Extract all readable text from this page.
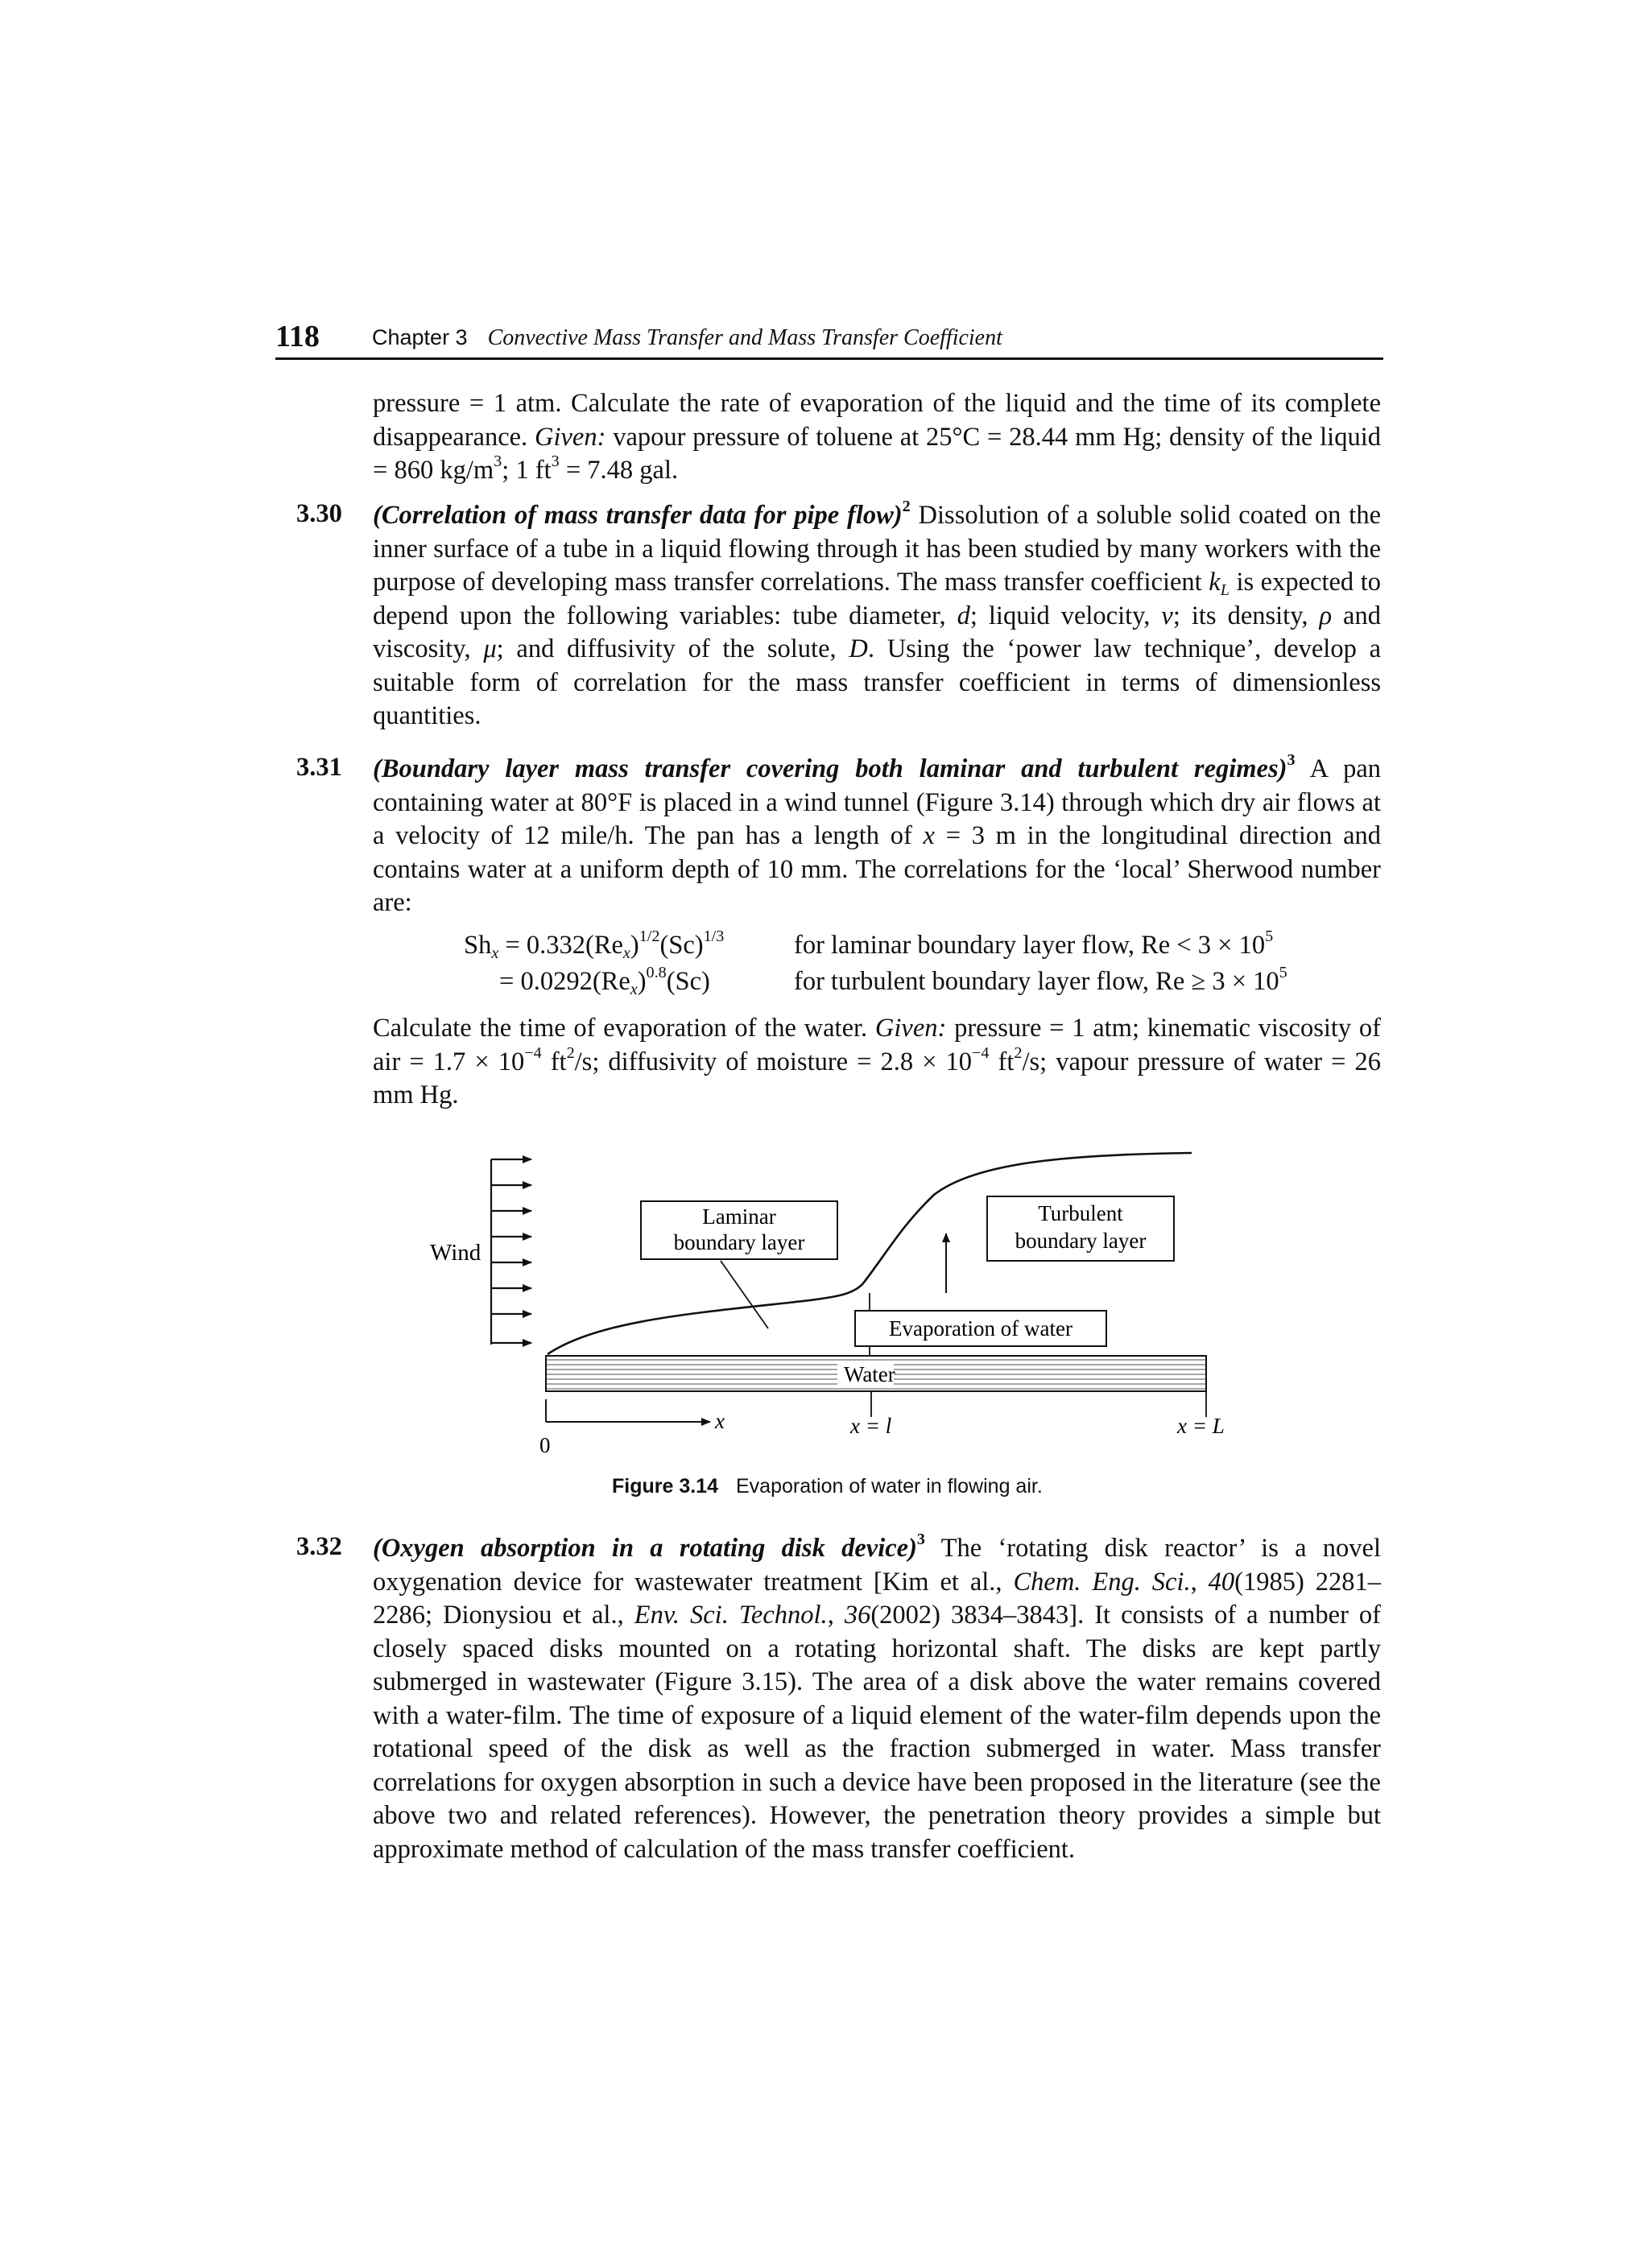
118 Chapter 3 Convective Mass Transfer and Mass Transfer Coefficient
pressure = 1 atm. Calculate the rate of evaporation of the liquid and the time of its complete disappearance. Given: vapour pressure of toluene at 25°C = 28.44 mm Hg; density of the liquid = 860 $kg/m^3$; 1 $ft^3 = 7.48$ gal.
3.30 (Correlation of mass transfer data for pipe flow)$^2$ Dissolution of a soluble solid coated on the inner surface of a tube in a liquid flowing through it has been studied by many workers with the purpose of developing mass transfer correlations. The mass transfer coefficient $k_L$ is expected to depend upon the following variables: tube diameter, d; liquid velocity, v; its density, ρ and viscosity, μ; and diffusivity of the solute, D. Using the ‘power law technique’, develop a suitable form of correlation for the mass transfer coefficient in terms of dimensionless quantities.
3.31 (Boundary layer mass transfer covering both laminar and turbulent regimes)$^3$ A pan containing water at 80°F is placed in a wind tunnel (Figure 3.14) through which dry air flows at a velocity of 12 mile/h. The pan has a length of x = 3 m in the longitudinal direction and contains water at a uniform depth of 10 mm. The correlations for the ‘local’ Sherwood number are:
$Sh_x = 0.332(Re_x)^{1/2}(Sc)^{1/3}$	for laminar boundary layer flow, $Re < 3 \times 10^5$
= $0.0292(Re_x)^{0.8}(Sc)$	for turbulent boundary layer flow, $Re \ge 3 \times 10^5$
Calculate the time of evaporation of the water. Given: pressure = 1 atm; kinematic viscosity of air = $1.7 \times 10^{-4}$ $ft^2/s$; diffusivity of moisture = $2.8 \times 10^{-4}$ $ft^2/s$; vapour pressure of water = 26 mm Hg.
Wind
Water
Laminar
boundary layer
Turbulent
boundary layer
Evaporation of water
x
0
x = l	x = L
Figure 3.14 Evaporation of water in flowing air.
3.32 (Oxygen absorption in a rotating disk device)$^3$ The ‘rotating disk reactor’ is a novel oxygenation device for wastewater treatment [Kim et al., Chem. Eng. Sci., 40(1985) 2281–2286; Dionysiou et al., Env. Sci. Technol., 36(2002) 3834–3843]. It consists of a number of closely spaced disks mounted on a rotating horizontal shaft. The disks are kept partly submerged in wastewater (Figure 3.15). The area of a disk above the water remains covered with a water-film. The time of exposure of a liquid element of the water-film depends upon the rotational speed of the disk as well as the fraction submerged in water. Mass transfer correlations for oxygen absorption in such a device have been proposed in the literature (see the above two and related references). However, the penetration theory provides a simple but approximate method of calculation of the mass transfer coefficient.
